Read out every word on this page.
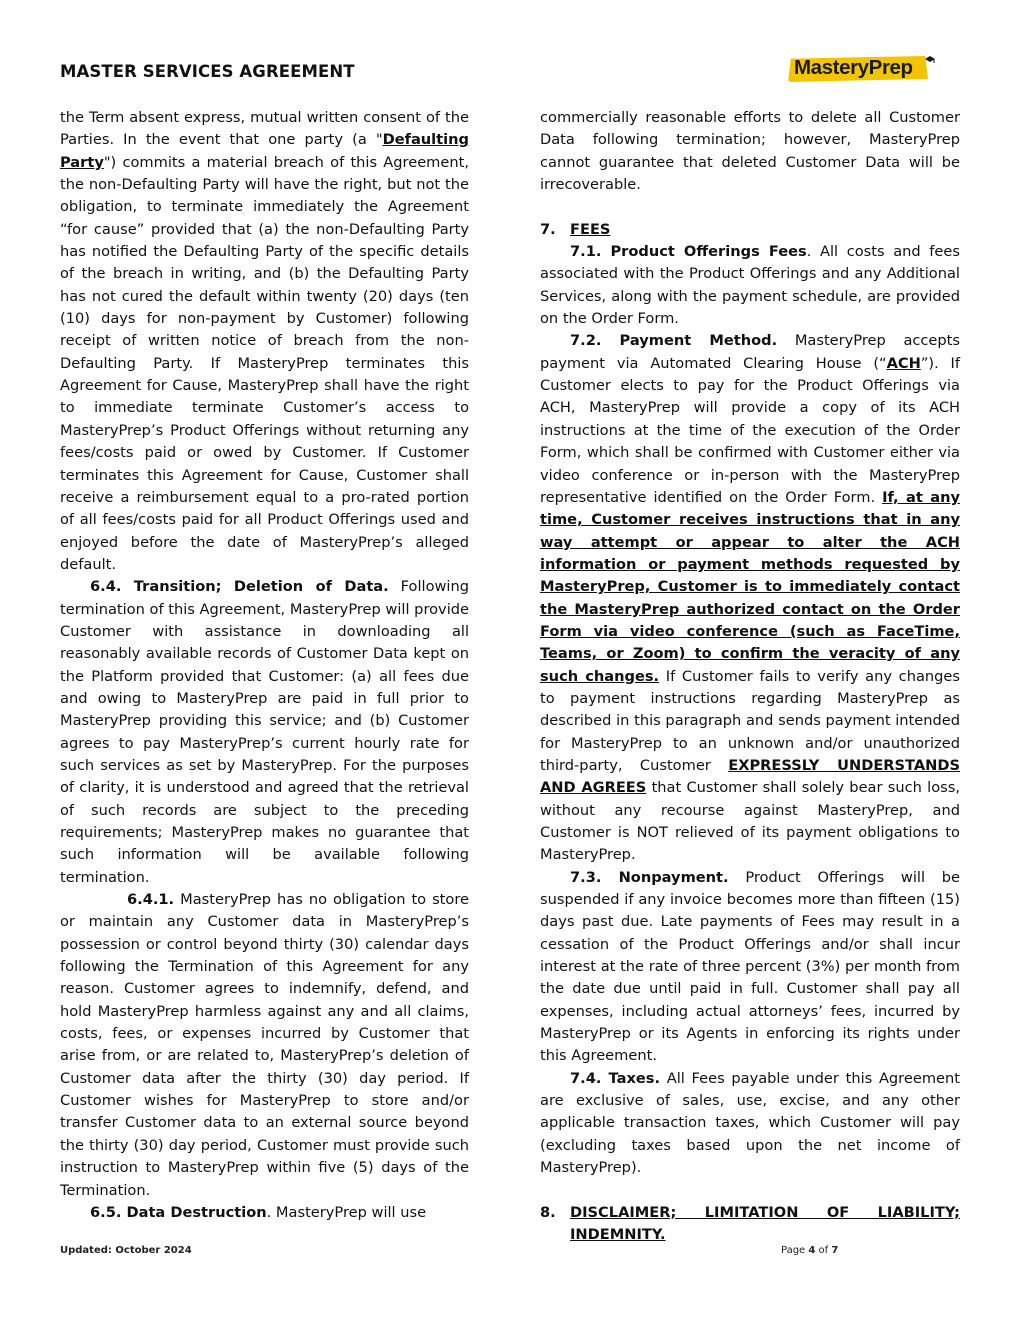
MASTER SERVICES AGREEMENT	MasteryPrep

the Term absent express, mutual written consent of the Parties. In the event that one party (a "Defaulting Party") commits a material breach of this Agreement, the non-Defaulting Party will have the right, but not the obligation, to terminate immediately the Agreement “for cause” provided that (a) the non-Defaulting Party has notified the Defaulting Party of the specific details of the breach in writing, and (b) the Defaulting Party has not cured the default within twenty (20) days (ten (10) days for non-payment by Customer) following receipt of written notice of breach from the non-Defaulting Party. If MasteryPrep terminates this Agreement for Cause, MasteryPrep shall have the right to immediate terminate Customer’s access to MasteryPrep’s Product Offerings without returning any fees/costs paid or owed by Customer. If Customer terminates this Agreement for Cause, Customer shall receive a reimbursement equal to a pro-rated portion of all fees/costs paid for all Product Offerings used and enjoyed before the date of MasteryPrep’s alleged default.

6.4. Transition; Deletion of Data. Following termination of this Agreement, MasteryPrep will provide Customer with assistance in downloading all reasonably available records of Customer Data kept on the Platform provided that Customer: (a) all fees due and owing to MasteryPrep are paid in full prior to MasteryPrep providing this service; and (b) Customer agrees to pay MasteryPrep’s current hourly rate for such services as set by MasteryPrep. For the purposes of clarity, it is understood and agreed that the retrieval of such records are subject to the preceding requirements; MasteryPrep makes no guarantee that such information will be available following termination.

6.4.1. MasteryPrep has no obligation to store or maintain any Customer data in MasteryPrep’s possession or control beyond thirty (30) calendar days following the Termination of this Agreement for any reason. Customer agrees to indemnify, defend, and hold MasteryPrep harmless against any and all claims, costs, fees, or expenses incurred by Customer that arise from, or are related to, MasteryPrep’s deletion of Customer data after the thirty (30) day period. If Customer wishes for MasteryPrep to store and/or transfer Customer data to an external source beyond the thirty (30) day period, Customer must provide such instruction to MasteryPrep within five (5) days of the Termination.

6.5. Data Destruction. MasteryPrep will use

commercially reasonable efforts to delete all Customer Data following termination; however, MasteryPrep cannot guarantee that deleted Customer Data will be irrecoverable.

7. FEES

7.1. Product Offerings Fees. All costs and fees associated with the Product Offerings and any Additional Services, along with the payment schedule, are provided on the Order Form.

7.2. Payment Method. MasteryPrep accepts payment via Automated Clearing House (“ACH”). If Customer elects to pay for the Product Offerings via ACH, MasteryPrep will provide a copy of its ACH instructions at the time of the execution of the Order Form, which shall be confirmed with Customer either via video conference or in-person with the MasteryPrep representative identified on the Order Form. If, at any time, Customer receives instructions that in any way attempt or appear to alter the ACH information or payment methods requested by MasteryPrep, Customer is to immediately contact the MasteryPrep authorized contact on the Order Form via video conference (such as FaceTime, Teams, or Zoom) to confirm the veracity of any such changes. If Customer fails to verify any changes to payment instructions regarding MasteryPrep as described in this paragraph and sends payment intended for MasteryPrep to an unknown and/or unauthorized third-party, Customer EXPRESSLY UNDERSTANDS AND AGREES that Customer shall solely bear such loss, without any recourse against MasteryPrep, and Customer is NOT relieved of its payment obligations to MasteryPrep.

7.3. Nonpayment. Product Offerings will be suspended if any invoice becomes more than fifteen (15) days past due. Late payments of Fees may result in a cessation of the Product Offerings and/or shall incur interest at the rate of three percent (3%) per month from the date due until paid in full. Customer shall pay all expenses, including actual attorneys’ fees, incurred by MasteryPrep or its Agents in enforcing its rights under this Agreement.

7.4. Taxes. All Fees payable under this Agreement are exclusive of sales, use, excise, and any other applicable transaction taxes, which Customer will pay (excluding taxes based upon the net income of MasteryPrep).

8. DISCLAIMER; LIMITATION OF LIABILITY;
INDEMNITY.
Updated: October 2024	Page 4 of 7
